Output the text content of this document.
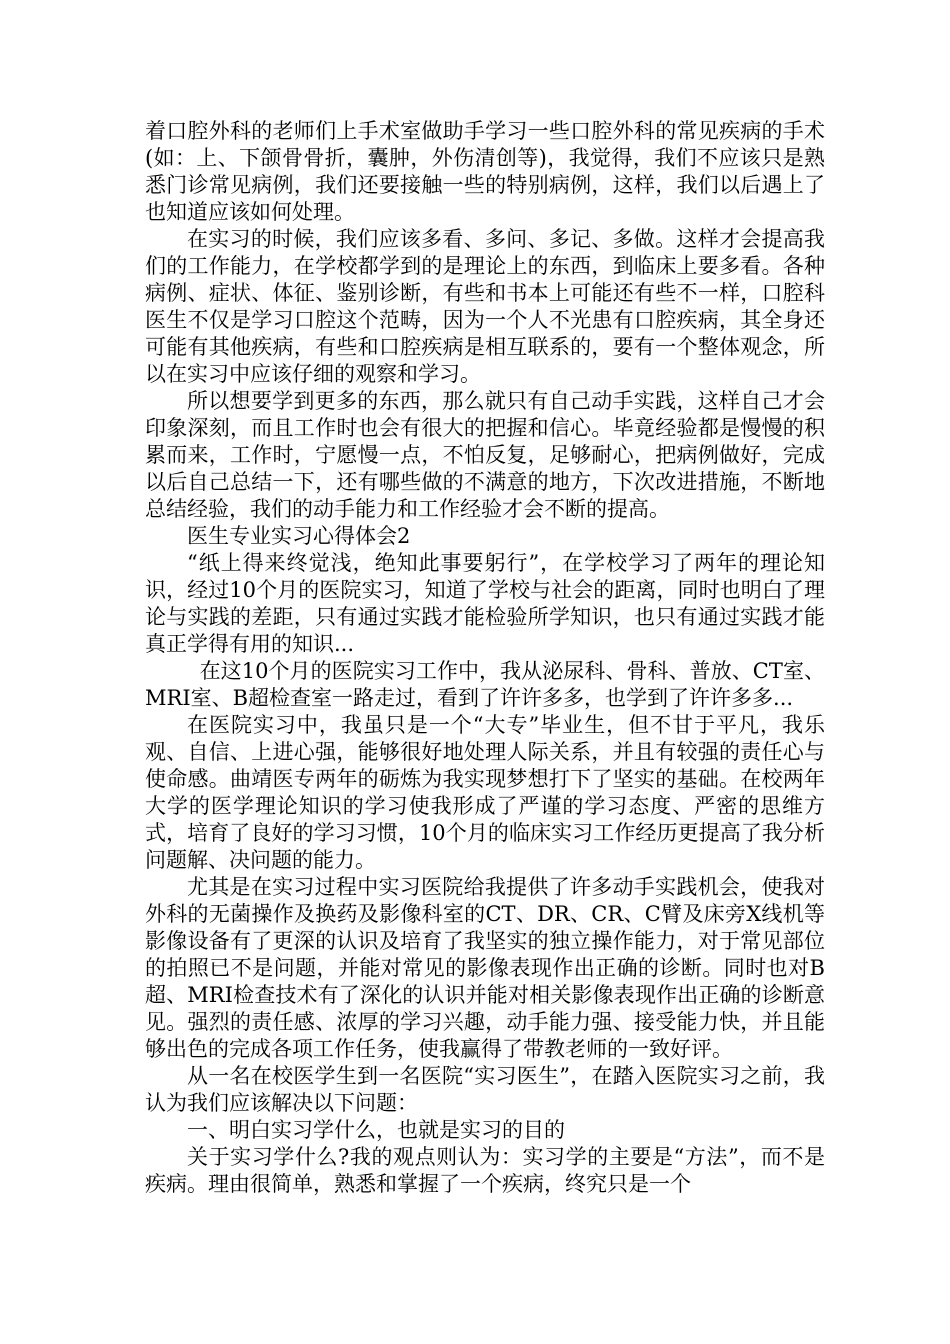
着口腔外科的老师们上手术室做助手学习一些口腔外科的常见疾病的手术(如：上、下颌骨骨折，囊肿，外伤清创等)，我觉得，我们不应该只是熟悉门诊常见病例，我们还要接触一些的特别病例，这样，我们以后遇上了也知道应该如何处理。

在实习的时候，我们应该多看、多问、多记、多做。这样才会提高我们的工作能力，在学校都学到的是理论上的东西，到临床上要多看。各种病例、症状、体征、鉴别诊断，有些和书本上可能还有些不一样，口腔科医生不仅是学习口腔这个范畴，因为一个人不光患有口腔疾病，其全身还可能有其他疾病，有些和口腔疾病是相互联系的，要有一个整体观念，所以在实习中应该仔细的观察和学习。

所以想要学到更多的东西，那么就只有自己动手实践，这样自己才会印象深刻，而且工作时也会有很大的把握和信心。毕竟经验都是慢慢的积累而来，工作时，宁愿慢一点，不怕反复，足够耐心，把病例做好，完成以后自己总结一下，还有哪些做的不满意的地方，下次改进措施，不断地总结经验，我们的动手能力和工作经验才会不断的提高。

医生专业实习心得体会2

“纸上得来终觉浅，绝知此事要躬行”，在学校学习了两年的理论知识，经过10个月的医院实习，知道了学校与社会的距离，同时也明白了理论与实践的差距，只有通过实践才能检验所学知识，也只有通过实践才能真正学得有用的知识...

在这10个月的医院实习工作中，我从泌尿科、骨科、普放、CT室、MRI室、B超检查室一路走过，看到了许许多多，也学到了许许多多...

在医院实习中，我虽只是一个“大专”毕业生，但不甘于平凡，我乐观、自信、上进心强，能够很好地处理人际关系，并且有较强的责任心与使命感。曲靖医专两年的砺炼为我实现梦想打下了坚实的基础。在校两年大学的医学理论知识的学习使我形成了严谨的学习态度、严密的思维方式，培育了良好的学习习惯，10个月的临床实习工作经历更提高了我分析问题解、决问题的能力。

尤其是在实习过程中实习医院给我提供了许多动手实践机会，使我对外科的无菌操作及换药及影像科室的CT、DR、CR、C臂及床旁X线机等影像设备有了更深的认识及培育了我坚实的独立操作能力，对于常见部位的拍照已不是问题，并能对常见的影像表现作出正确的诊断。同时也对B超、MRI检查技术有了深化的认识并能对相关影像表现作出正确的诊断意见。强烈的责任感、浓厚的学习兴趣，动手能力强、接受能力快，并且能够出色的完成各项工作任务，使我赢得了带教老师的一致好评。

从一名在校医学生到一名医院“实习医生”，在踏入医院实习之前，我认为我们应该解决以下问题：

一、明白实习学什么，也就是实习的目的

关于实习学什么?我的观点则认为：实习学的主要是“方法”，而不是疾病。理由很简单，熟悉和掌握了一个疾病，终究只是一个
